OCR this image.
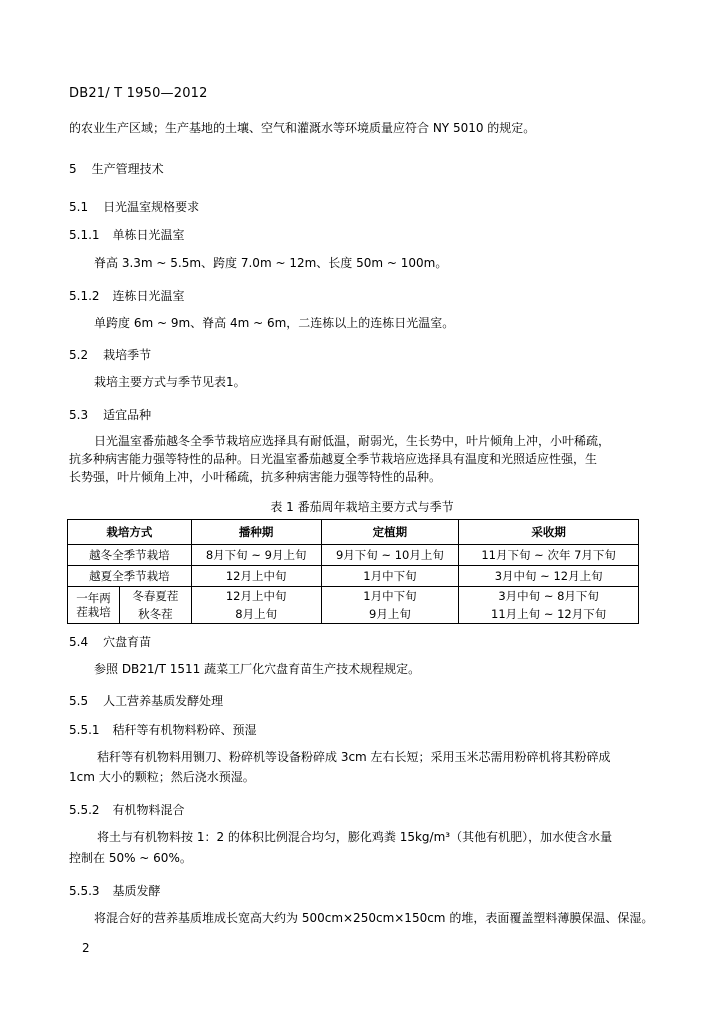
DB21/ T 1950—2012
的农业生产区域；生产基地的土壤、空气和灌溉水等环境质量应符合 NY 5010 的规定。
5 生产管理技术
5.1 日光温室规格要求
5.1.1 单栋日光温室
脊高 3.3m ~ 5.5m、跨度 7.0m ~ 12m、长度 50m ~ 100m。
5.1.2 连栋日光温室
单跨度 6m ~ 9m、脊高 4m ~ 6m，二连栋以上的连栋日光温室。
5.2 栽培季节
栽培主要方式与季节见表1。
5.3 适宜品种
日光温室番茄越冬全季节栽培应选择具有耐低温，耐弱光，生长势中，叶片倾角上冲，小叶稀疏，
抗多种病害能力强等特性的品种。日光温室番茄越夏全季节栽培应选择具有温度和光照适应性强，生
长势强，叶片倾角上冲，小叶稀疏，抗多种病害能力强等特性的品种。
表 1 番茄周年栽培主要方式与季节
栽培方式		播种期	定植期	采收期
越冬全季节栽培		8月下旬 ~ 9月上旬	9月下旬 ~ 10月上旬	11月下旬 ~ 次年 7月下旬
越夏全季节栽培		12月上中旬	1月中下旬	3月中旬 ~ 12月上旬

一年两
茬栽培	冬春夏茬	12月上中旬	1月中下旬	3月中旬 ~ 8月下旬
	秋冬茬	8月上旬	9月上旬	11月上旬 ~ 12月下旬
5.4 穴盘育苗
参照 DB21/T 1511 蔬菜工厂化穴盘育苗生产技术规程规定。
5.5 人工营养基质发酵处理
5.5.1 秸秆等有机物料粉碎、预湿
秸秆等有机物料用铡刀、粉碎机等设备粉碎成 3cm 左右长短；采用玉米芯需用粉碎机将其粉碎成
1cm 大小的颗粒；然后浇水预湿。
5.5.2 有机物料混合
将土与有机物料按 1：2 的体积比例混合均匀，膨化鸡粪 15kg/m³（其他有机肥），加水使含水量
控制在 50% ~ 60%。
5.5.3 基质发酵
将混合好的营养基质堆成长宽高大约为 500cm×250cm×150cm 的堆，表面覆盖塑料薄膜保温、保湿。
2
